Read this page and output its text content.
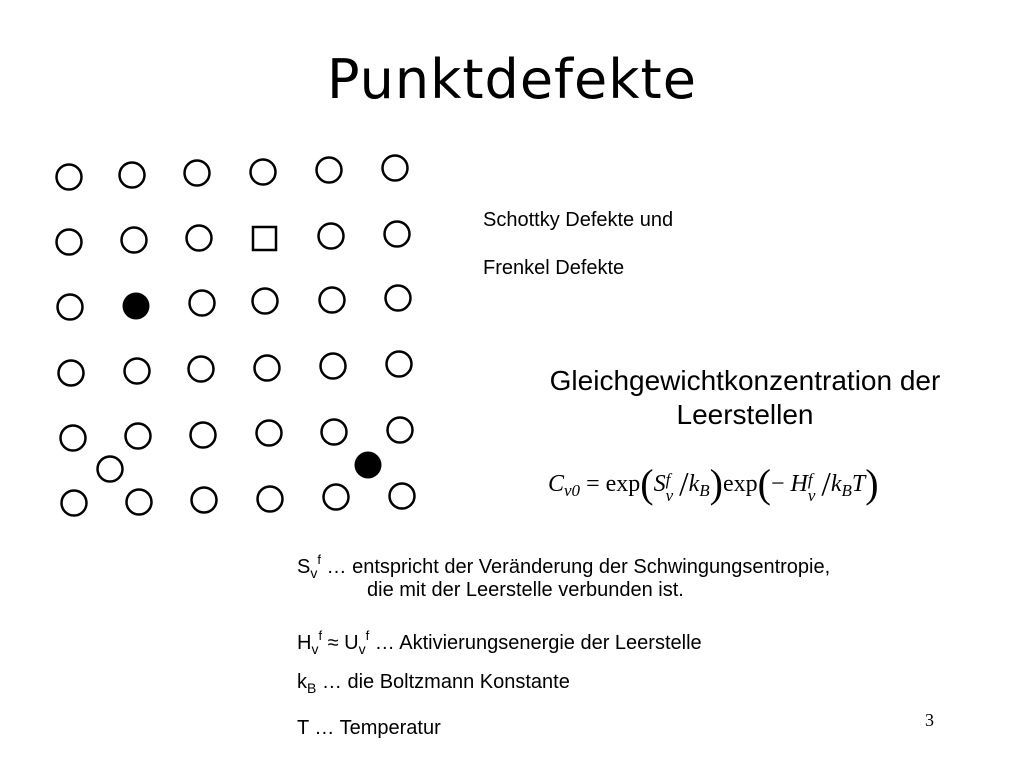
Punktdefekte
Schottky Defekte und
Frenkel Defekte
Gleichgewichtkonzentration der
Leerstellen
$C_{v0} = \exp(S$ f
v $/k_B)\exp(- H$ f
v $/k_BT$)
$S_v^f$ … entspricht der Veränderung der Schwingungsentropie,
die mit der Leerstelle verbunden ist.
$H_v^f \approx U_v^f$ … Aktivierungsenergie der Leerstelle
$k_B$ … die Boltzmann Konstante
T … Temperatur	3
